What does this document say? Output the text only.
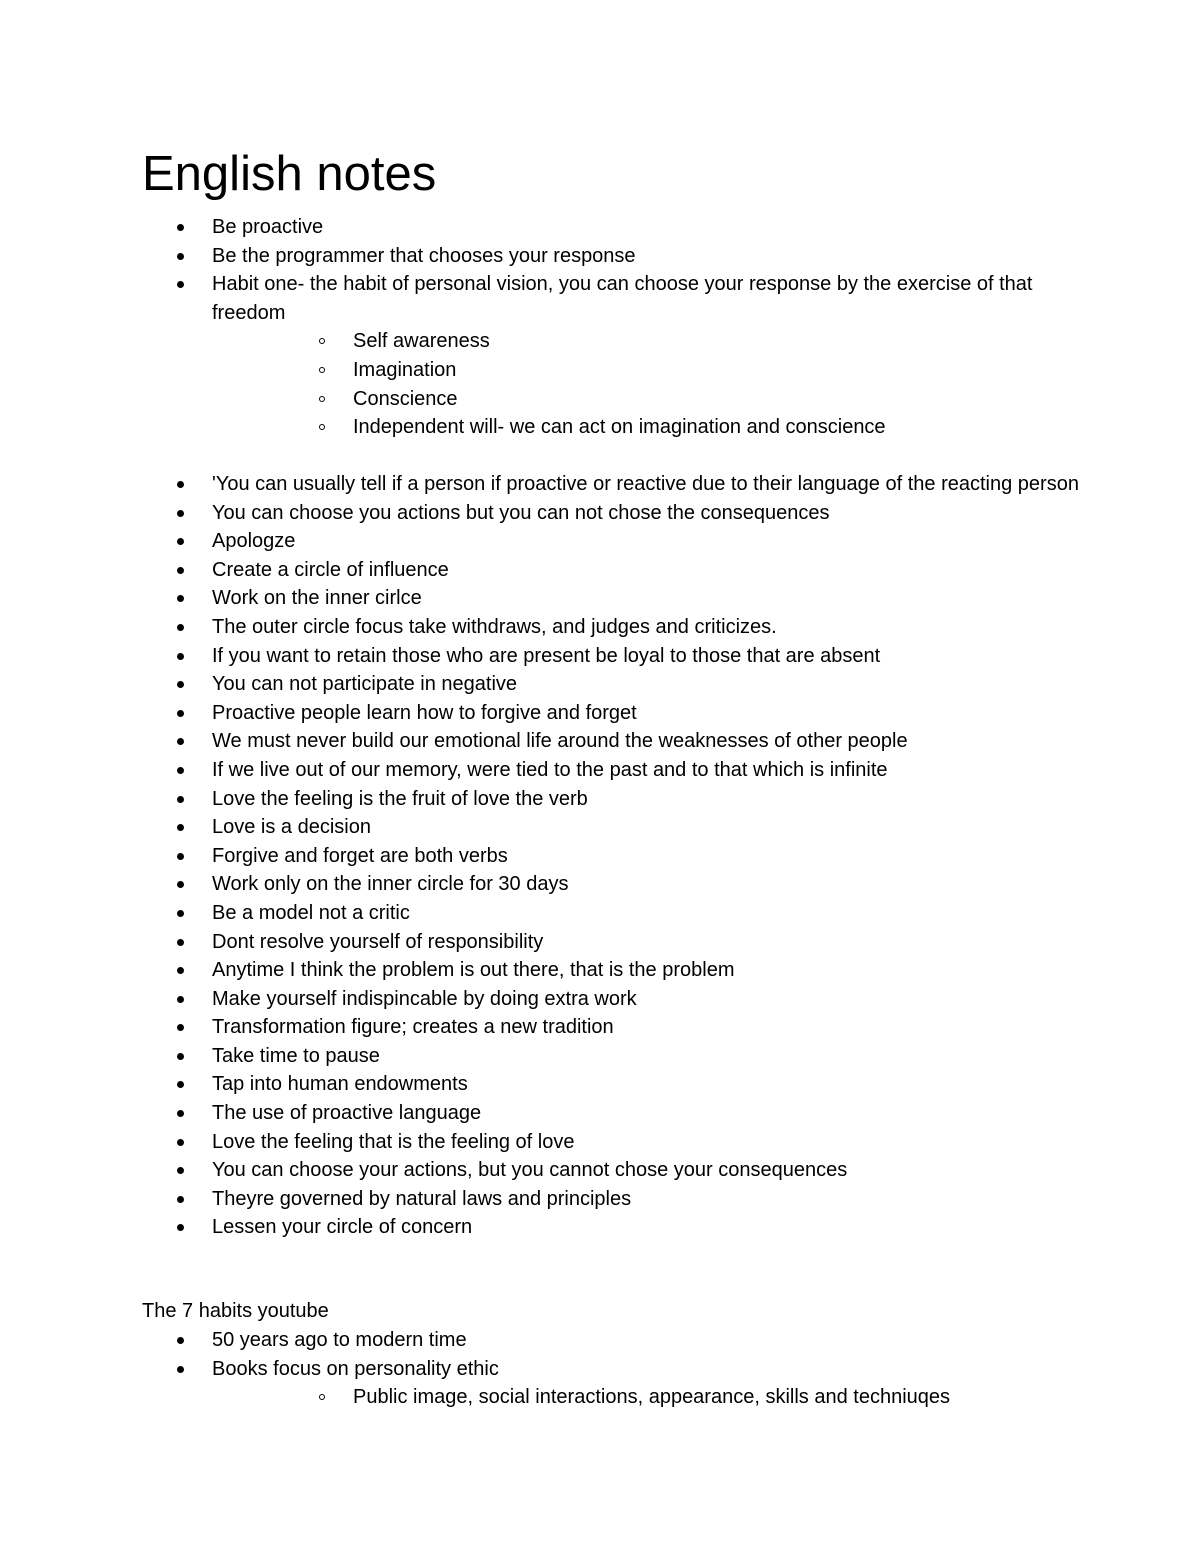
English notes
Be proactive
Be the programmer that chooses your response
Habit one- the habit of personal vision, you can choose your response by the exercise of that freedom
Self awareness
Imagination
Conscience
Independent will- we can act on imagination and conscience
'You can usually tell if a person if proactive or reactive due to their language of the reacting person
You can choose you actions but you can not chose the consequences
Apologze
Create a circle of influence
Work on the inner cirlce
The outer circle focus take withdraws, and judges and criticizes.
If you want to retain those who are present be loyal to those that are absent
You can not participate in negative
Proactive people learn how to forgive and forget
We must never build our emotional life around the weaknesses of other people
If we live out of our memory, were tied to the past and to that which is infinite
Love the feeling is the fruit of love the verb
Love is a decision
Forgive and forget are both verbs
Work only on the inner circle for 30 days
Be a model not a critic
Dont resolve yourself of responsibility
Anytime I think the problem is out there, that is the problem
Make yourself indispincable by doing extra work
Transformation figure; creates a new tradition
Take time to pause
Tap into human endowments
The use of proactive language
Love the feeling that is the feeling of love
You can choose your actions, but you cannot chose your consequences
Theyre governed by natural laws and principles
Lessen your circle of concern

The 7 habits youtube

50 years ago to modern time
Books focus on personality ethic
Public image, social interactions, appearance, skills and techniuqes
